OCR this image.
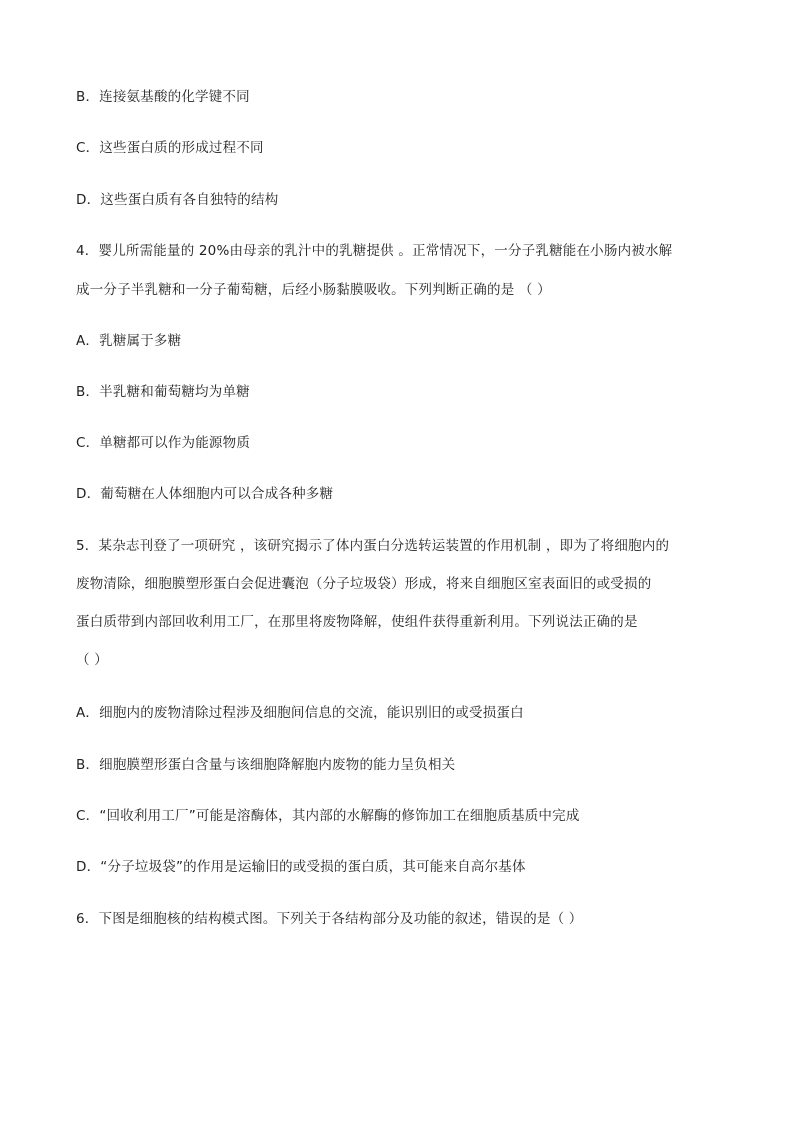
B．连接氨基酸的化学键不同
C．这些蛋白质的形成过程不同
D．这些蛋白质有各自独特的结构
4．婴儿所需能量的 20%由母亲的乳汁中的乳糖提供 。正常情况下，一分子乳糖能在小肠内被水解
成一分子半乳糖和一分子葡萄糖，后经小肠黏膜吸收。下列判断正确的是 （ ）
A．乳糖属于多糖
B．半乳糖和葡萄糖均为单糖
C．单糖都可以作为能源物质
D．葡萄糖在人体细胞内可以合成各种多糖
5．某杂志刊登了一项研究 ，该研究揭示了体内蛋白分选转运装置的作用机制 ，即为了将细胞内的
废物清除，细胞膜塑形蛋白会促进囊泡（分子垃圾袋）形成，将来自细胞区室表面旧的或受损的
蛋白质带到内部回收利用工厂，在那里将废物降解，使组件获得重新利用。下列说法正确的是
（ ）
A．细胞内的废物清除过程涉及细胞间信息的交流，能识别旧的或受损蛋白
B．细胞膜塑形蛋白含量与该细胞降解胞内废物的能力呈负相关
C．“回收利用工厂”可能是溶酶体，其内部的水解酶的修饰加工在细胞质基质中完成
D．“分子垃圾袋”的作用是运输旧的或受损的蛋白质，其可能来自高尔基体
6．下图是细胞核的结构模式图。下列关于各结构部分及功能的叙述，错误的是（ ）
